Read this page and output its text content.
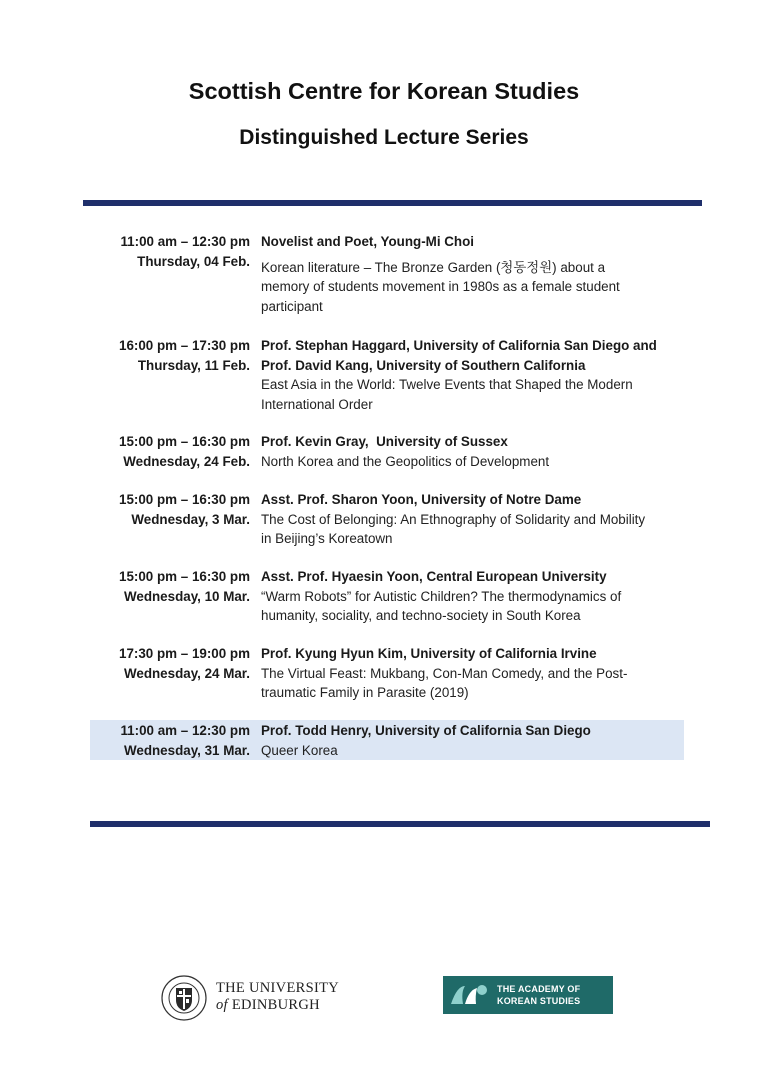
Scottish Centre for Korean Studies
Distinguished Lecture Series
11:00 am – 12:30 pm
Thursday, 04 Feb.
Novelist and Poet, Young-Mi Choi
Korean literature – The Bronze Garden (청동정원) about a
memory of students movement in 1980s as a female student
participant
16:00 pm – 17:30 pm
Thursday, 11 Feb.
Prof. Stephan Haggard, University of California San Diego and
Prof. David Kang, University of Southern California
East Asia in the World: Twelve Events that Shaped the Modern
International Order
15:00 pm – 16:30 pm
Wednesday, 24 Feb.
Prof. Kevin Gray,  University of Sussex
North Korea and the Geopolitics of Development
15:00 pm – 16:30 pm
Wednesday, 3 Mar.
Asst. Prof. Sharon Yoon, University of Notre Dame
The Cost of Belonging: An Ethnography of Solidarity and Mobility
in Beijing’s Koreatown
15:00 pm – 16:30 pm
Wednesday, 10 Mar.
Asst. Prof. Hyaesin Yoon, Central European University
“Warm Robots” for Autistic Children? The thermodynamics of
humanity, sociality, and techno-society in South Korea
17:30 pm – 19:00 pm
Wednesday, 24 Mar.
Prof. Kyung Hyun Kim, University of California Irvine
The Virtual Feast: Mukbang, Con-Man Comedy, and the Post-
traumatic Family in Parasite (2019)
11:00 am – 12:30 pm
Wednesday, 31 Mar.
Prof. Todd Henry, University of California San Diego
Queer Korea
THE UNIVERSITY
of EDINBURGH
THE ACADEMY OF
KOREAN STUDIES
